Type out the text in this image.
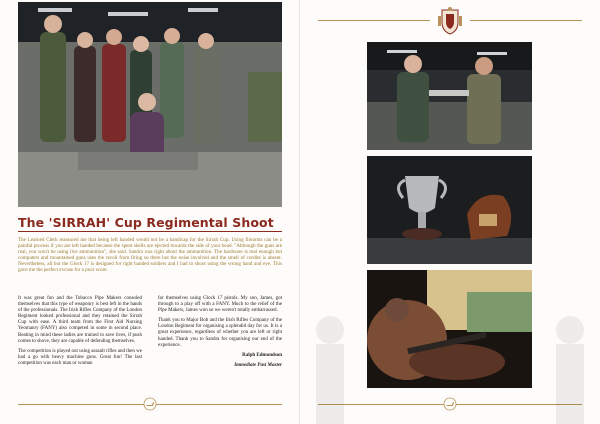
The 'SIRRAH' Cup Regimental Shoot

The Learned Clerk reassured me that being left handed would not be a handicap for the Sirrah Cup. Using firearms can be a painful process if you are left handed because the spent shells are ejected towards the side of your head. "Although the guns are real, you won't be using live ammunition", she said. Sandra was right about the ammunition. The hardware is real enough but computers and mountained guns uses the recoil from firing so there but the noise involved and the smell of cordite is absent. Nevertheless, all but the Glock 17 is designed for right handed soldiers and I had to shoot using the wrong hand and eye. This gave me the perfect excuse for a poor score.

It was great fun and the Tobacco Pipe Makers consoled themselves that this type of weaponry is best left in the hands of the professionals. The Irish Rifles Company of the London Regiment looked professional and they retained the Sirrah Cup with ease. A third team from the First Aid Nursing Yeomanry (FANY) also competed in some in second place. Beating in mind these ladies are trained to save lives, if push comes to shove, they are capable of defending themselves.

The competition is played out using assault rifles and then we had a go with heavy machine guns. Great fun! The last competition was each man or woman

for themselves using Glock 17 pistols. My son, James, got through to a play off with a FANY. Much to the relief of the Pipe Makers, James won so we weren't totally embarrassed.

Thank you to Major Bob and the Irish Rifles Company of the London Regiment for organising a splendid day for us. It is a great experience, regardless of whether you are left or right handed. Thank you to Sandra for organising our end of the experience.

Ralph Edmondson

Immediate Past Master
